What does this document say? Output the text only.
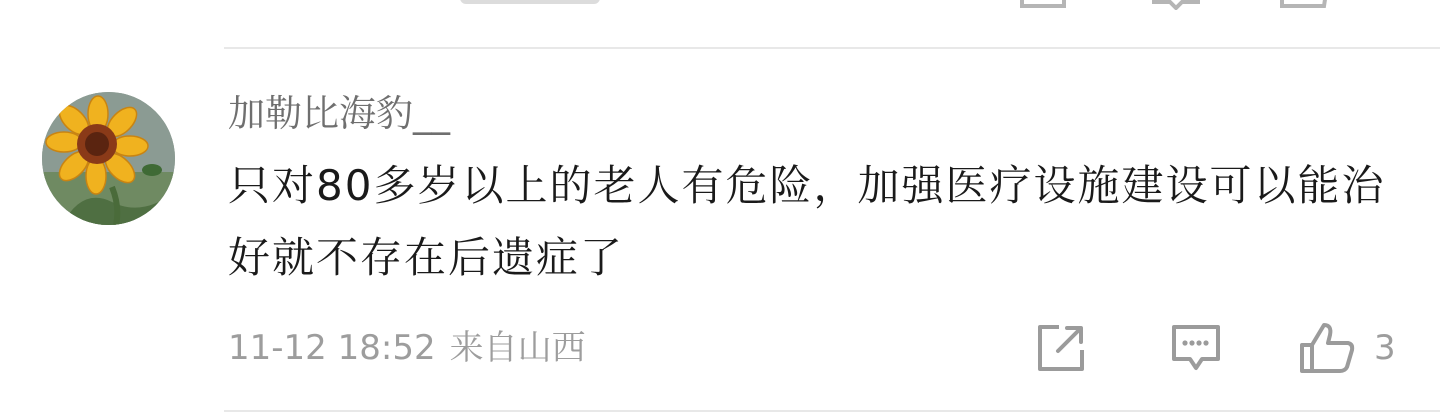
加勒比海豹__
只对80多岁以上的老人有危险，加强医疗设施建设可以能治好就不存在后遗症了
11-12 18:52 来自山西	3
